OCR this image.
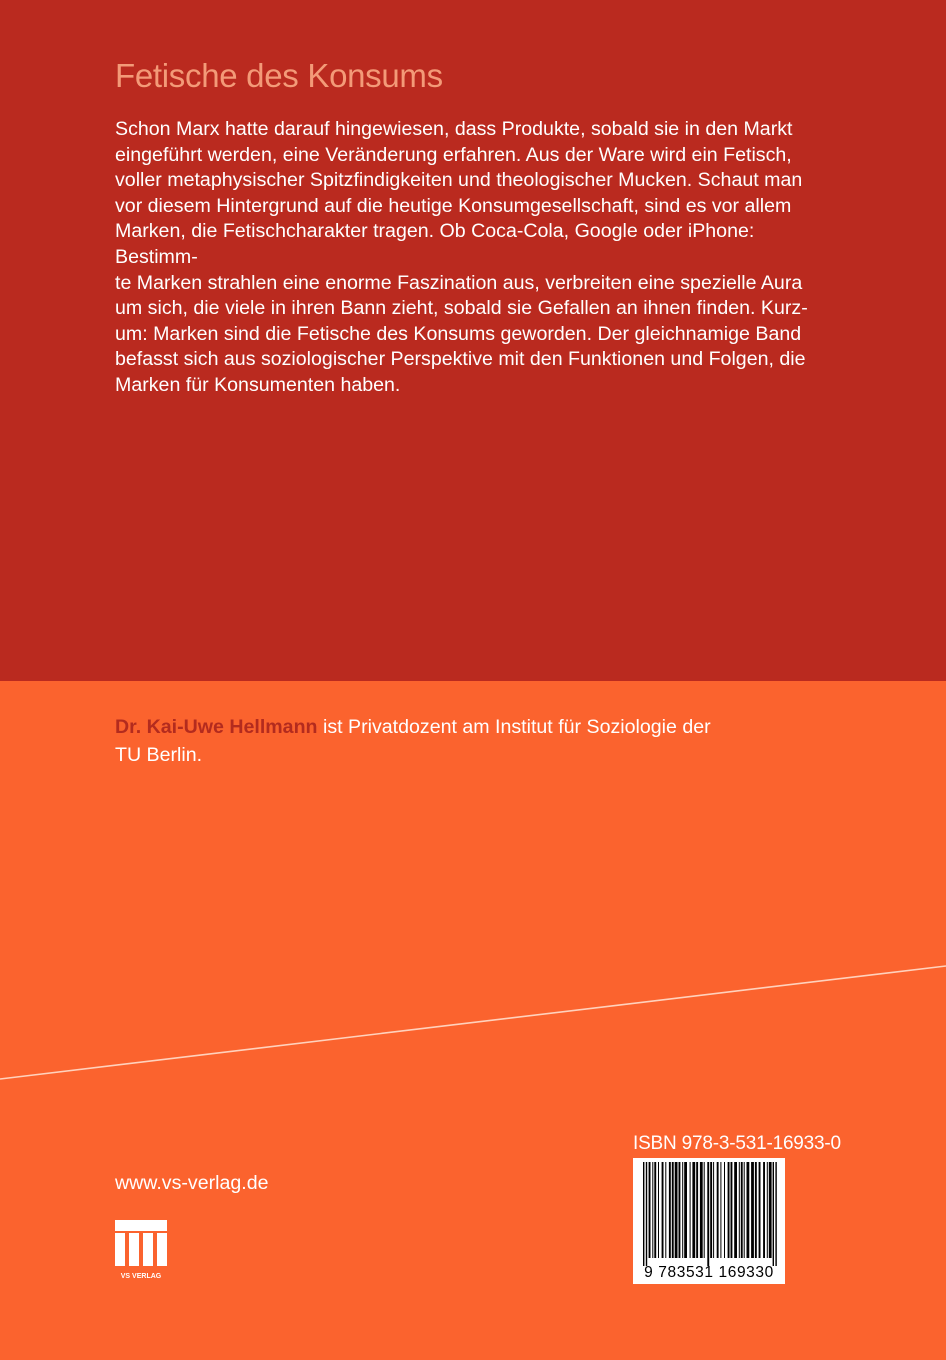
Fetische des Konsums

Schon Marx hatte darauf hingewiesen, dass Produkte, sobald sie in den Markt
eingeführt werden, eine Veränderung erfahren. Aus der Ware wird ein Fetisch,
voller metaphysischer Spitzfindigkeiten und theologischer Mucken. Schaut man
vor diesem Hintergrund auf die heutige Konsumgesellschaft, sind es vor allem
Marken, die Fetischcharakter tragen. Ob Coca-Cola, Google oder iPhone: Bestimm-
te Marken strahlen eine enorme Faszination aus, verbreiten eine spezielle Aura
um sich, die viele in ihren Bann zieht, sobald sie Gefallen an ihnen finden. Kurz-
um: Marken sind die Fetische des Konsums geworden. Der gleichnamige Band
befasst sich aus soziologischer Perspektive mit den Funktionen und Folgen, die
Marken für Konsumenten haben.

Dr. Kai-Uwe Hellmann ist Privatdozent am Institut für Soziologie der
TU Berlin.

ISBN 978-3-531-16933-0

9 783531 169330

www.vs-verlag.de

VS VERLAG
